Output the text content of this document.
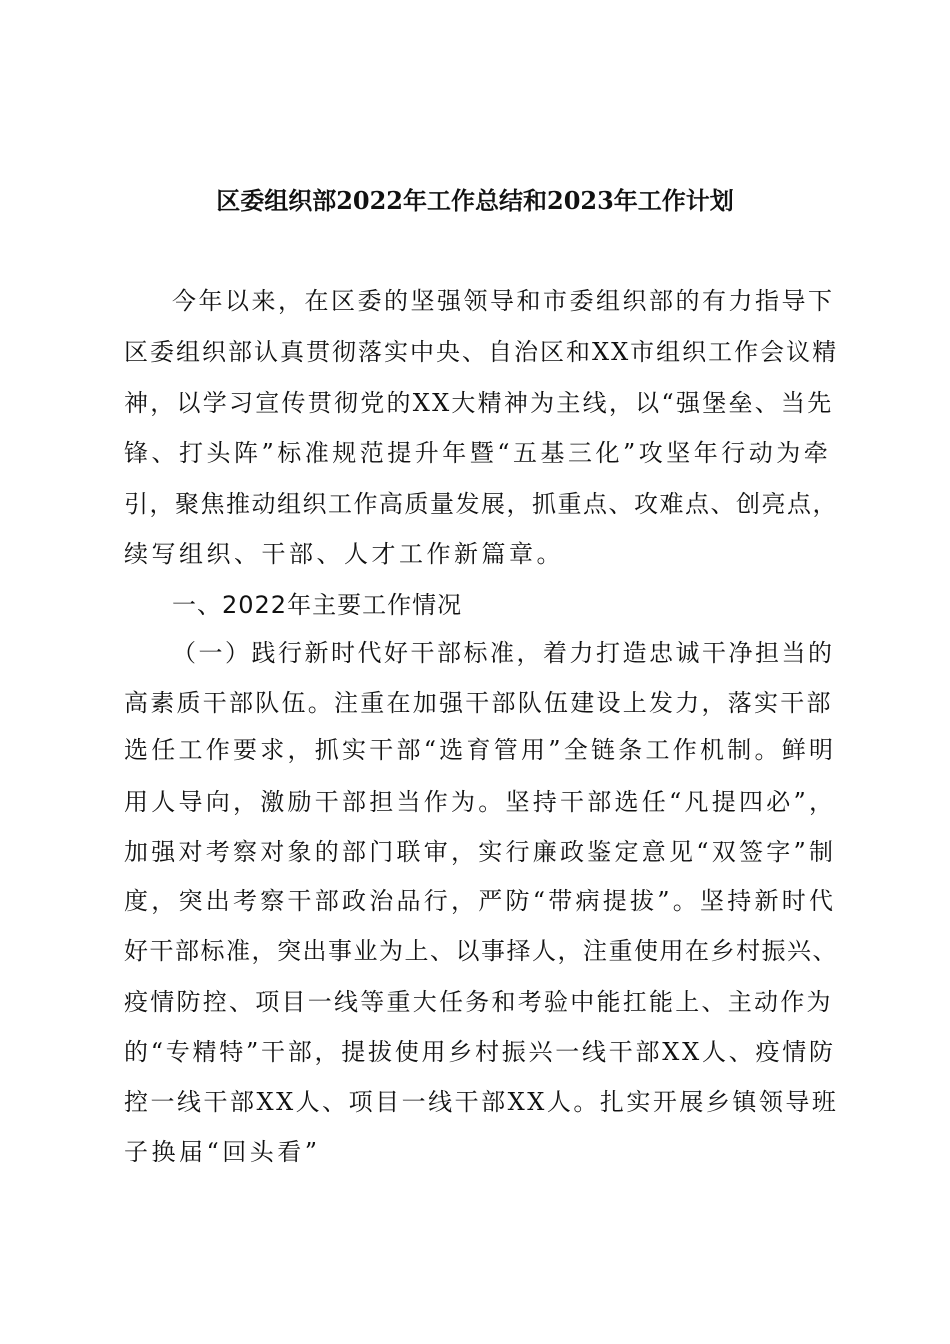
区委组织部2022年工作总结和2023年工作计划
今年以来，在区委的坚强领导和市委组织部的有力指导下
区委组织部认真贯彻落实中央、自治区和XX市组织工作会议精
神，以学习宣传贯彻党的XX大精神为主线，以“强堡垒、当先
锋、打头阵”标准规范提升年暨“五基三化”攻坚年行动为牵
引，聚焦推动组织工作高质量发展，抓重点、攻难点、创亮点，
续写组织、干部、人才工作新篇章。
一、2022年主要工作情况
（一）践行新时代好干部标准，着力打造忠诚干净担当的
高素质干部队伍。注重在加强干部队伍建设上发力，落实干部
选任工作要求，抓实干部“选育管用”全链条工作机制。鲜明
用人导向，激励干部担当作为。坚持干部选任“凡提四必”，
加强对考察对象的部门联审，实行廉政鉴定意见“双签字”制
度，突出考察干部政治品行，严防“带病提拔”。坚持新时代
好干部标准，突出事业为上、以事择人，注重使用在乡村振兴、
疫情防控、项目一线等重大任务和考验中能扛能上、主动作为
的“专精特”干部，提拔使用乡村振兴一线干部XX人、疫情防
控一线干部XX人、项目一线干部XX人。扎实开展乡镇领导班
子换届“回头看”
